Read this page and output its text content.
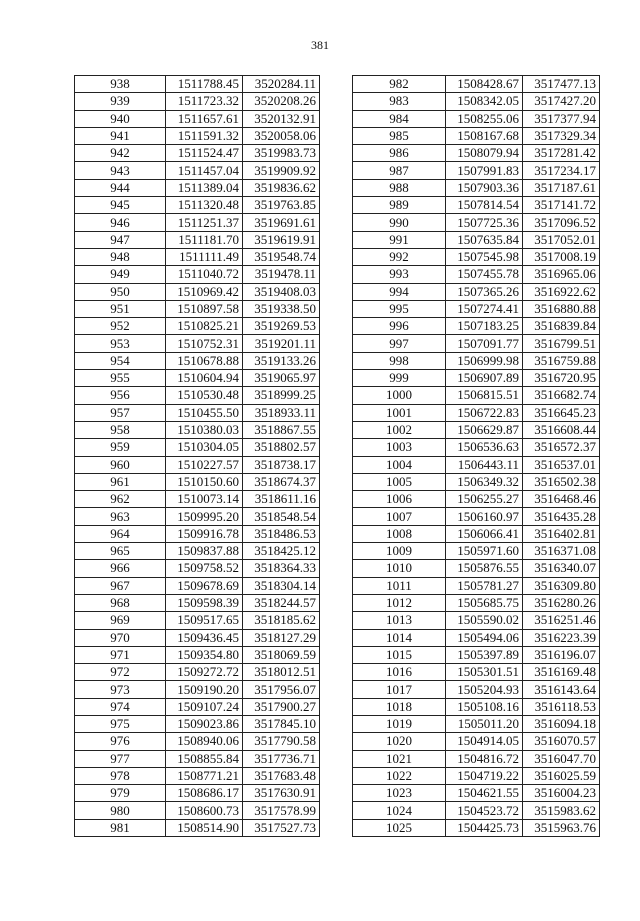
381
938	1511788.45	3520284.11
939	1511723.32	3520208.26
940	1511657.61	3520132.91
941	1511591.32	3520058.06
942	1511524.47	3519983.73
943	1511457.04	3519909.92
944	1511389.04	3519836.62
945	1511320.48	3519763.85
946	1511251.37	3519691.61
947	1511181.70	3519619.91
948	1511111.49	3519548.74
949	1511040.72	3519478.11
950	1510969.42	3519408.03
951	1510897.58	3519338.50
952	1510825.21	3519269.53
953	1510752.31	3519201.11
954	1510678.88	3519133.26
955	1510604.94	3519065.97
956	1510530.48	3518999.25
957	1510455.50	3518933.11
958	1510380.03	3518867.55
959	1510304.05	3518802.57
960	1510227.57	3518738.17
961	1510150.60	3518674.37
962	1510073.14	3518611.16
963	1509995.20	3518548.54
964	1509916.78	3518486.53
965	1509837.88	3518425.12
966	1509758.52	3518364.33
967	1509678.69	3518304.14
968	1509598.39	3518244.57
969	1509517.65	3518185.62
970	1509436.45	3518127.29
971	1509354.80	3518069.59
972	1509272.72	3518012.51
973	1509190.20	3517956.07
974	1509107.24	3517900.27
975	1509023.86	3517845.10
976	1508940.06	3517790.58
977	1508855.84	3517736.71
978	1508771.21	3517683.48
979	1508686.17	3517630.91
980	1508600.73	3517578.99
981	1508514.90	3517527.73
982	1508428.67	3517477.13
983	1508342.05	3517427.20
984	1508255.06	3517377.94
985	1508167.68	3517329.34
986	1508079.94	3517281.42
987	1507991.83	3517234.17
988	1507903.36	3517187.61
989	1507814.54	3517141.72
990	1507725.36	3517096.52
991	1507635.84	3517052.01
992	1507545.98	3517008.19
993	1507455.78	3516965.06
994	1507365.26	3516922.62
995	1507274.41	3516880.88
996	1507183.25	3516839.84
997	1507091.77	3516799.51
998	1506999.98	3516759.88
999	1506907.89	3516720.95
1000	1506815.51	3516682.74
1001	1506722.83	3516645.23
1002	1506629.87	3516608.44
1003	1506536.63	3516572.37
1004	1506443.11	3516537.01
1005	1506349.32	3516502.38
1006	1506255.27	3516468.46
1007	1506160.97	3516435.28
1008	1506066.41	3516402.81
1009	1505971.60	3516371.08
1010	1505876.55	3516340.07
1011	1505781.27	3516309.80
1012	1505685.75	3516280.26
1013	1505590.02	3516251.46
1014	1505494.06	3516223.39
1015	1505397.89	3516196.07
1016	1505301.51	3516169.48
1017	1505204.93	3516143.64
1018	1505108.16	3516118.53
1019	1505011.20	3516094.18
1020	1504914.05	3516070.57
1021	1504816.72	3516047.70
1022	1504719.22	3516025.59
1023	1504621.55	3516004.23
1024	1504523.72	3515983.62
1025	1504425.73	3515963.76
